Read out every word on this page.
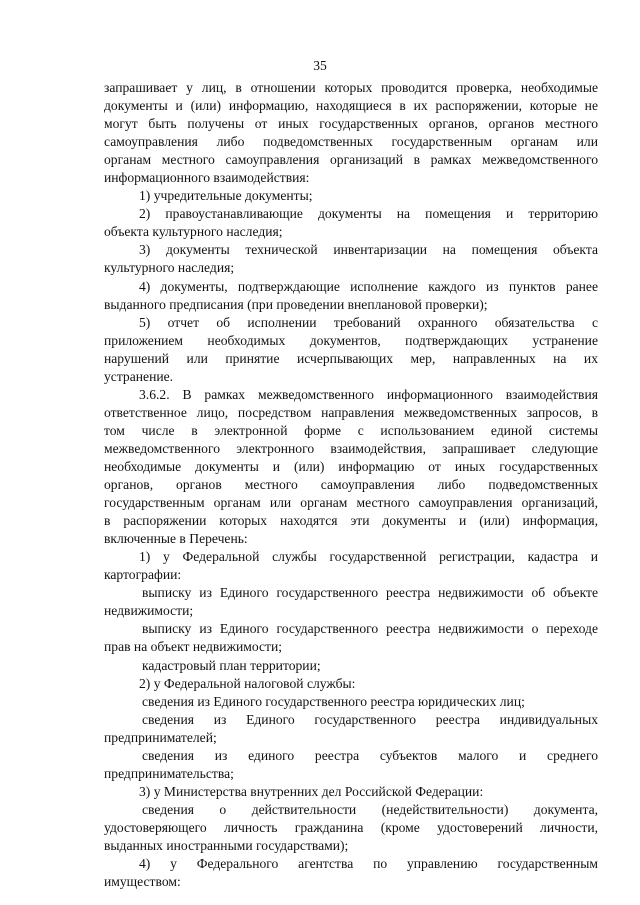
35
запрашивает у лиц, в отношении которых проводится проверка, необходимые
документы и (или) информацию, находящиеся в их распоряжении, которые не
могут быть получены от иных государственных органов, органов местного
самоуправления либо подведомственных государственным органам или
органам местного самоуправления организаций в рамках межведомственного
информационного взаимодействия:
1) учредительные документы;
2) правоустанавливающие документы на помещения и территорию
объекта культурного наследия;
3) документы технической инвентаризации на помещения объекта
культурного наследия;
4) документы, подтверждающие исполнение каждого из пунктов ранее
выданного предписания (при проведении внеплановой проверки);
5) отчет об исполнении требований охранного обязательства с
приложением необходимых документов, подтверждающих устранение
нарушений или принятие исчерпывающих мер, направленных на их
устранение.
3.6.2. В рамках межведомственного информационного взаимодействия
ответственное лицо, посредством направления межведомственных запросов, в
том числе в электронной форме с использованием единой системы
межведомственного электронного взаимодействия, запрашивает следующие
необходимые документы и (или) информацию от иных государственных
органов, органов местного самоуправления либо подведомственных
государственным органам или органам местного самоуправления организаций,
в распоряжении которых находятся эти документы и (или) информация,
включенные в Перечень:
1) у Федеральной службы государственной регистрации, кадастра и
картографии:
выписку из Единого государственного реестра недвижимости об объекте
недвижимости;
выписку из Единого государственного реестра недвижимости о переходе
прав на объект недвижимости;
кадастровый план территории;
2) у Федеральной налоговой службы:
сведения из Единого государственного реестра юридических лиц;
сведения из Единого государственного реестра индивидуальных
предпринимателей;
сведения из единого реестра субъектов малого и среднего
предпринимательства;
3) у Министерства внутренних дел Российской Федерации:
сведения о действительности (недействительности) документа,
удостоверяющего личность гражданина (кроме удостоверений личности,
выданных иностранными государствами);
4) у Федерального агентства по управлению государственным
имуществом:
